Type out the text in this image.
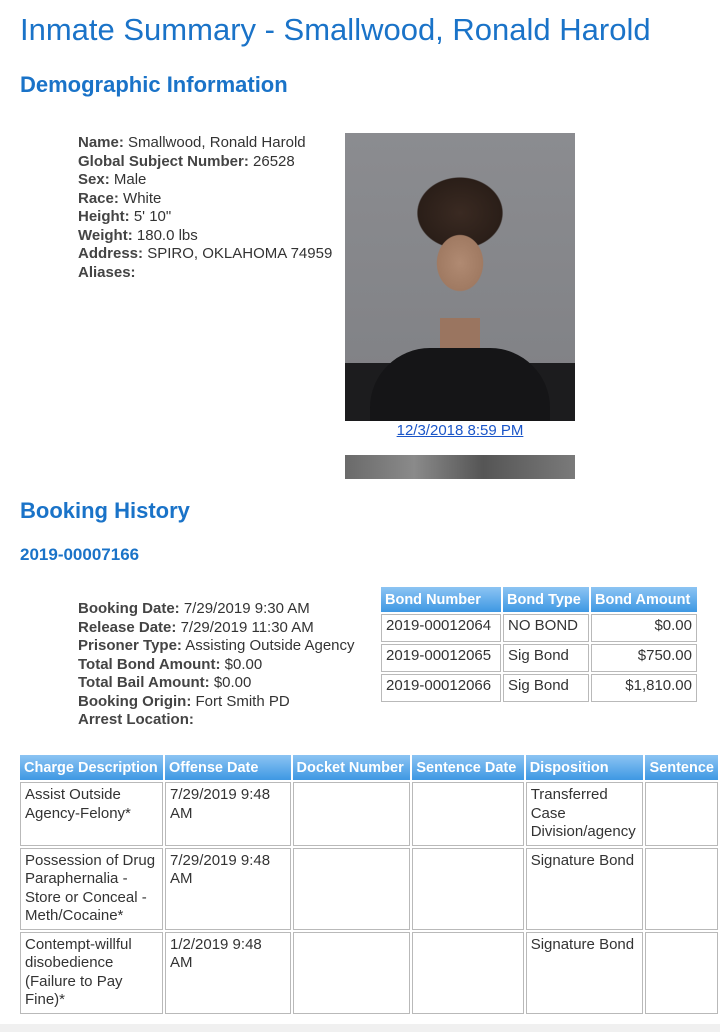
Inmate Summary - Smallwood, Ronald Harold
Demographic Information
Name: Smallwood, Ronald Harold
Global Subject Number: 26528
Sex: Male
Race: White
Height: 5' 10"
Weight: 180.0 lbs
Address: SPIRO, OKLAHOMA 74959
Aliases:
12/3/2018 8:59 PM
Booking History
2019-00007166
Booking Date: 7/29/2019 9:30 AM
Release Date: 7/29/2019 11:30 AM
Prisoner Type: Assisting Outside Agency
Total Bond Amount: $0.00
Total Bail Amount: $0.00
Booking Origin: Fort Smith PD
Arrest Location:
Bond Number	Bond Type	Bond Amount
2019-00012064	NO BOND	$0.00
2019-00012065	Sig Bond	$750.00
2019-00012066	Sig Bond	$1,810.00
Charge Description	Offense Date	Docket Number	Sentence Date	Disposition	Sentence
Assist Outside Agency-Felony*	7/29/2019 9:48 AM			Transferred Case Division/agency	
Possession of Drug Paraphernalia - Store or Conceal - Meth/Cocaine*	7/29/2019 9:48 AM			Signature Bond	
Contempt-willful disobedience (Failure to Pay Fine)*	1/2/2019 9:48 AM			Signature Bond	
